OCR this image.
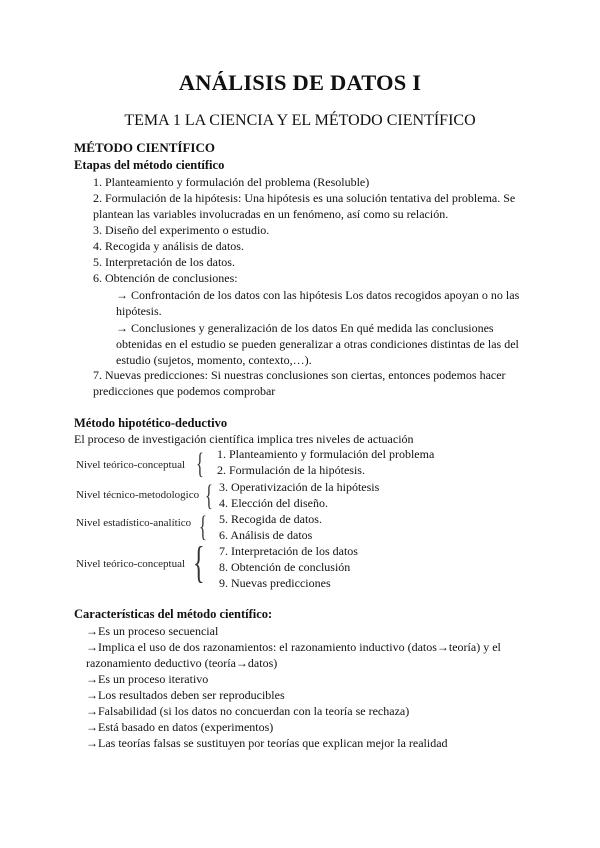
ANÁLISIS DE DATOS I
TEMA 1 LA CIENCIA Y EL MÉTODO CIENTÍFICO
MÉTODO CIENTÍFICO
Etapas del método científico
1. Planteamiento y formulación del problema (Resoluble)
2. Formulación de la hipótesis: Una hipótesis es una solución tentativa del problema. Se
plantean las variables involucradas en un fenómeno, así como su relación.
3. Diseño del experimento o estudio.
4. Recogida y análisis de datos.
5. Interpretación de los datos.
6. Obtención de conclusiones:
→ Confrontación de los datos con las hipótesis Los datos recogidos apoyan o no las
hipótesis.
→ Conclusiones y generalización de los datos En qué medida las conclusiones
obtenidas en el estudio se pueden generalizar a otras condiciones distintas de las del
estudio (sujetos, momento, contexto,…).
7. Nuevas predicciones: Si nuestras conclusiones son ciertas, entonces podemos hacer
predicciones que podemos comprobar
Método hipotético-deductivo
El proceso de investigación científica implica tres niveles de actuación
Nivel teórico-conceptual { 1. Planteamiento y formulación del problema
2. Formulación de la hipótesis.
Nivel técnico-metodologico { 3. Operativización de la hipótesis
4. Elección del diseño.
Nivel estadístico-analítico { 5. Recogida de datos.
6. Análisis de datos
Nivel teórico-conceptual { 7. Interpretación de los datos
8. Obtención de conclusión
9. Nuevas predicciones
Características del método científico:
→Es un proceso secuencial
→Implica el uso de dos razonamientos: el razonamiento inductivo (datos→teoría) y el
razonamiento deductivo (teoría→datos)
→Es un proceso iterativo
→Los resultados deben ser reproducibles
→Falsabilidad (si los datos no concuerdan con la teoría se rechaza)
→Está basado en datos (experimentos)
→Las teorías falsas se sustituyen por teorías que explican mejor la realidad
